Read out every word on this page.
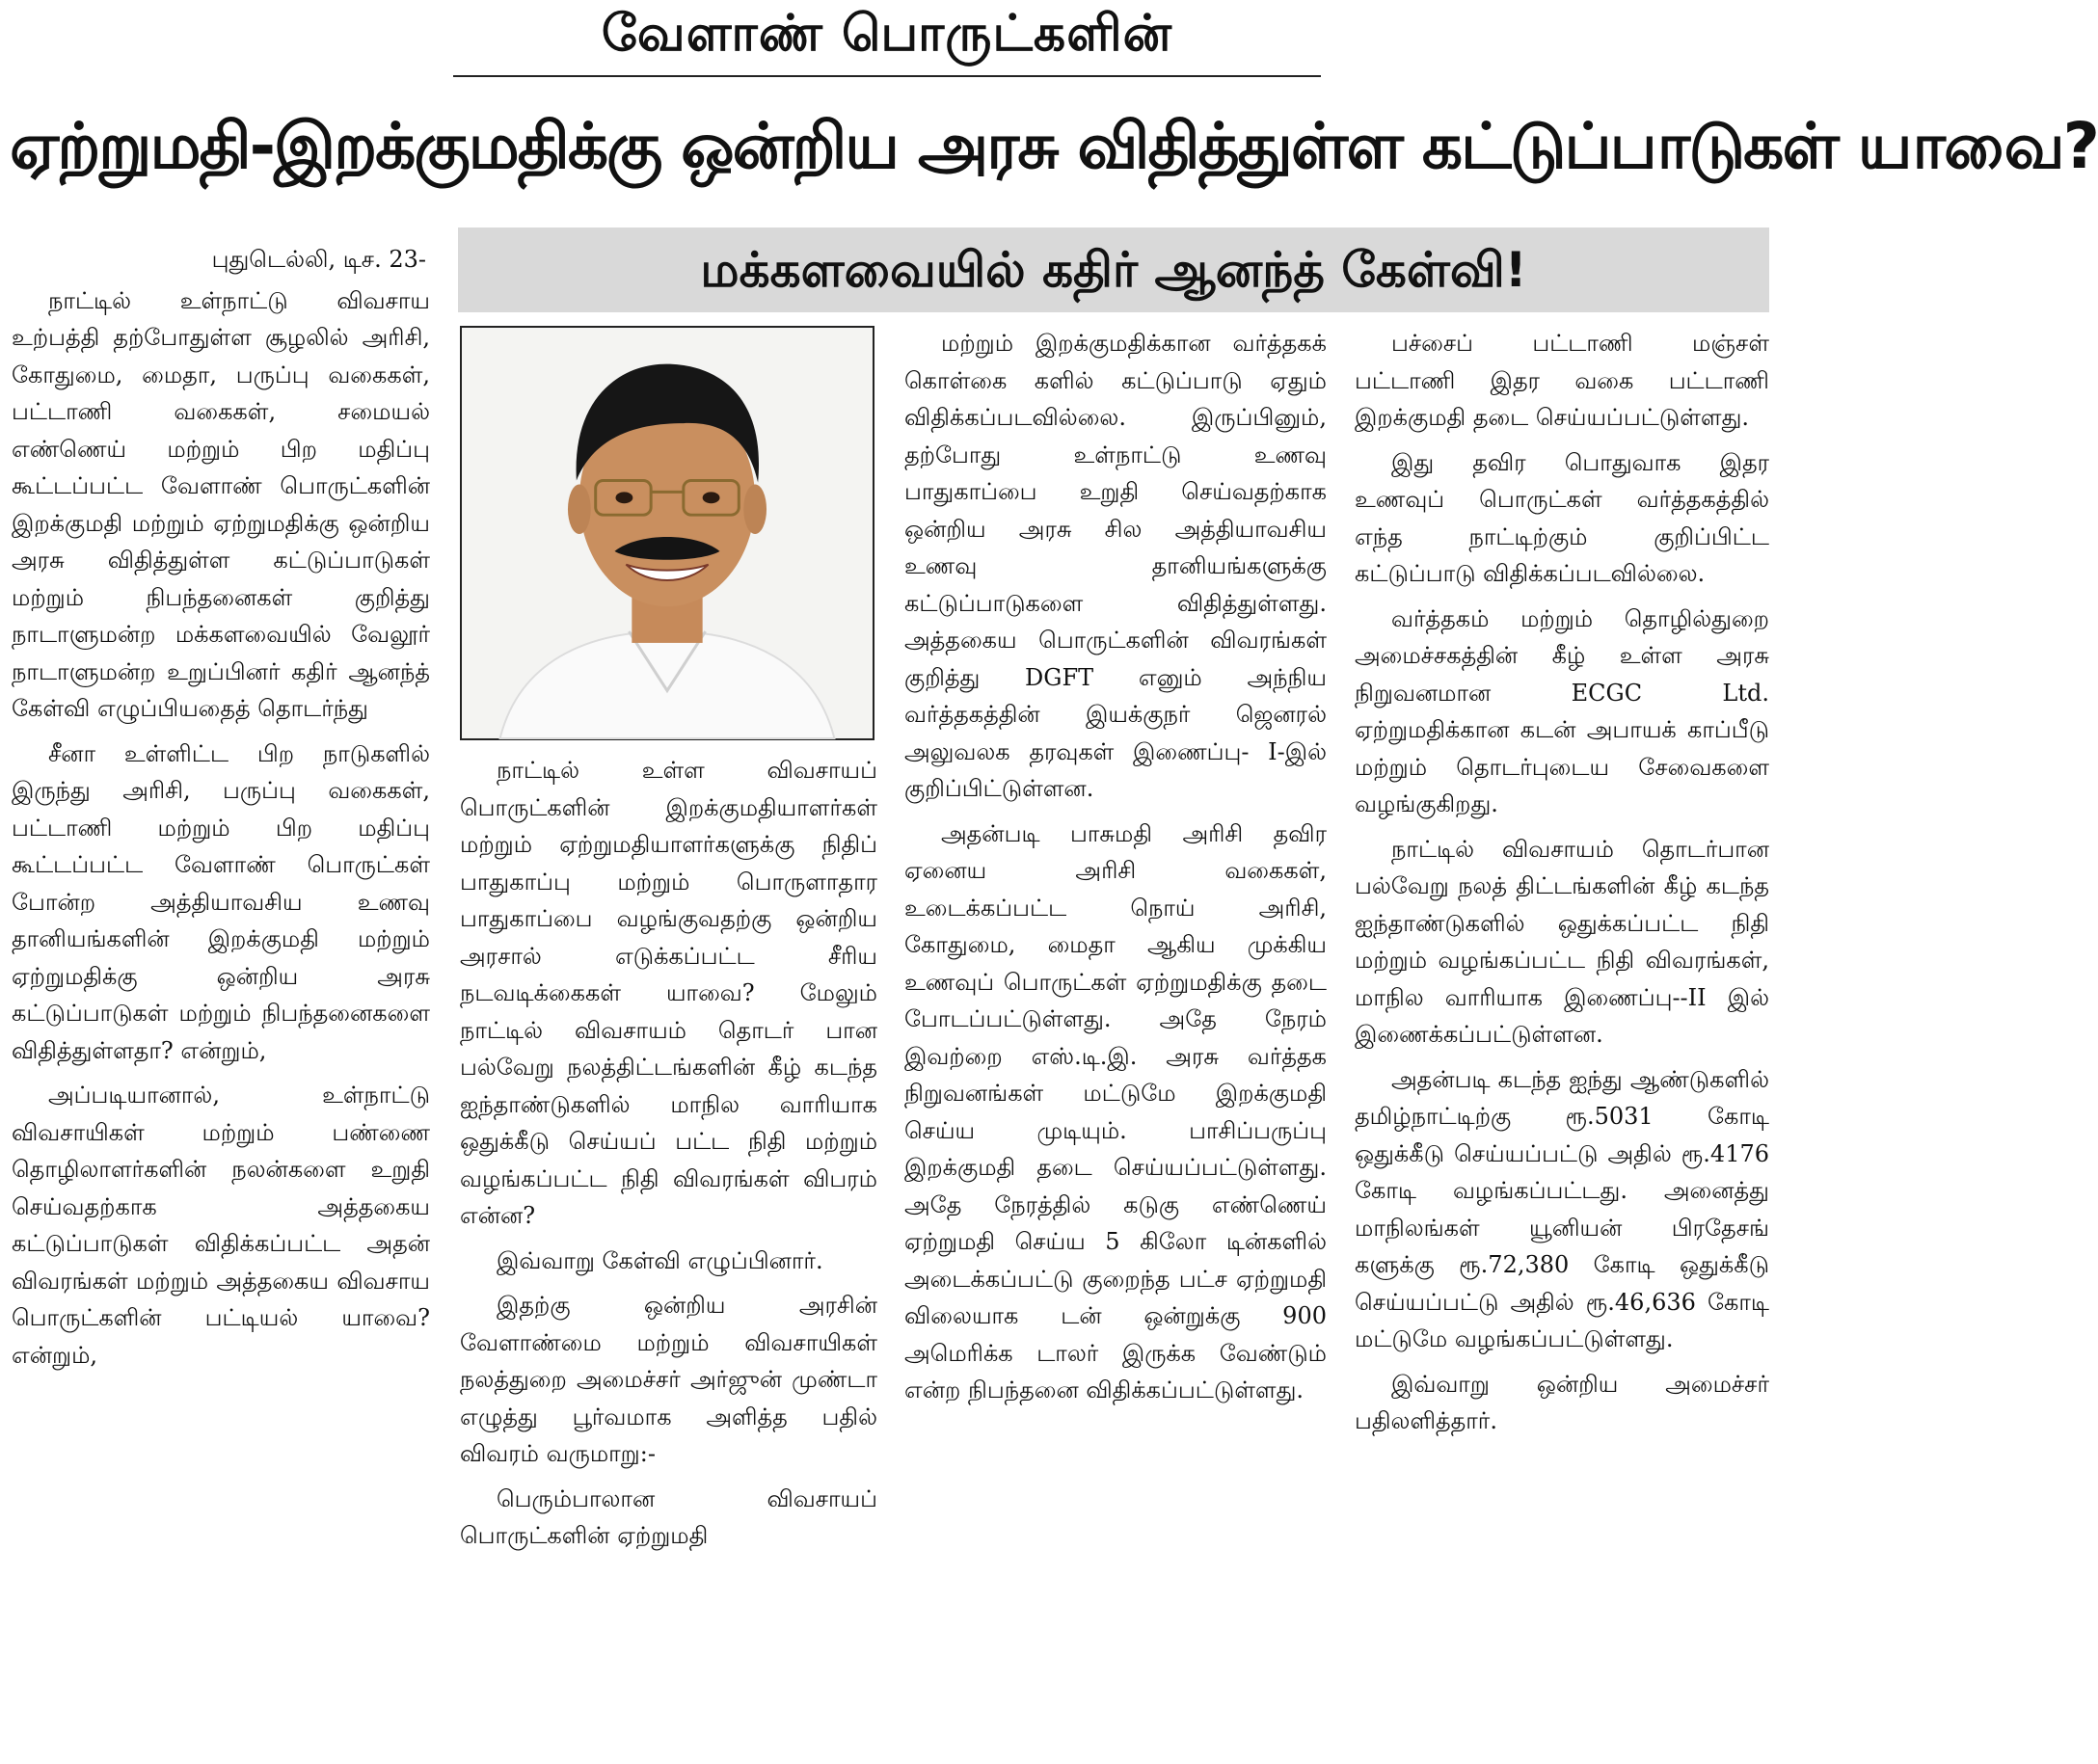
வேளாண் பொருட்களின்
ஏற்றுமதி-இறக்குமதிக்கு ஒன்றிய அரசு விதித்துள்ள கட்டுப்பாடுகள் யாவை?
மக்களவையில் கதிர் ஆனந்த் கேள்வி!
புதுடெல்லி, டிச. 23-

நாட்டில் உள்நாட்டு விவசாய உற்பத்தி தற்போதுள்ள சூழலில் அரிசி, கோதுமை, மைதா, பருப்பு வகைகள், பட்டாணி வகைகள், சமையல் எண்ணெய் மற்றும் பிற மதிப்பு கூட்டப்பட்ட வேளாண் பொருட்களின் இறக்குமதி மற்றும் ஏற்றுமதிக்கு ஒன்றிய அரசு விதித்துள்ள கட்டுப்பாடுகள் மற்றும் நிபந்தனைகள் குறித்து நாடாளுமன்ற மக்களவையில் வேலூர் நாடாளுமன்ற உறுப்பினர் கதிர் ஆனந்த் கேள்வி எழுப்பியதைத் தொடர்ந்து

சீனா உள்ளிட்ட பிற நாடுகளில் இருந்து அரிசி, பருப்பு வகைகள், பட்டாணி மற்றும் பிற மதிப்பு கூட்டப்பட்ட வேளாண் பொருட்கள் போன்ற அத்தியாவசிய உணவு தானியங்களின் இறக்குமதி மற்றும் ஏற்றுமதிக்கு ஒன்றிய அரசு கட்டுப்பாடுகள் மற்றும் நிபந்தனைகளை விதித்துள்ளதா? என்றும்,

அப்படியானால், உள்நாட்டு விவசாயிகள் மற்றும் பண்ணை தொழிலாளர்களின் நலன்களை உறுதி செய்வதற்காக அத்தகைய கட்டுப்பாடுகள் விதிக்கப்பட்ட அதன் விவரங்கள் மற்றும் அத்தகைய விவசாய பொருட்களின் பட்டியல் யாவை? என்றும்,

நாட்டில் உள்ள விவசாயப் பொருட்களின் இறக்குமதியாளர்கள் மற்றும் ஏற்றுமதியாளர்களுக்கு நிதிப் பாதுகாப்பு மற்றும் பொருளாதார பாதுகாப்பை வழங்குவதற்கு ஒன்றிய அரசால் எடுக்கப்பட்ட சீரிய நடவடிக்கைகள் யாவை? மேலும் நாட்டில் விவசாயம் தொடர் பான பல்வேறு நலத்திட்டங்களின் கீழ் கடந்த ஐந்தாண்டுகளில் மாநில வாரியாக ஒதுக்கீடு செய்யப் பட்ட நிதி மற்றும் வழங்கப்பட்ட நிதி விவரங்கள் விபரம் என்ன?

இவ்வாறு கேள்வி எழுப்பினார்.

இதற்கு ஒன்றிய அரசின் வேளாண்மை மற்றும் விவசாயிகள் நலத்துறை அமைச்சர் அர்ஜுன் முண்டா எழுத்து பூர்வமாக அளித்த பதில் விவரம் வருமாறு:-

பெரும்பாலான விவசாயப் பொருட்களின் ஏற்றுமதி

மற்றும் இறக்குமதிக்கான வர்த்தகக் கொள்கை களில் கட்டுப்பாடு ஏதும் விதிக்கப்படவில்லை. இருப்பினும், தற்போது உள்நாட்டு உணவு பாதுகாப்பை உறுதி செய்வதற்காக ஒன்றிய அரசு சில அத்தியாவசிய உணவு தானியங்களுக்கு கட்டுப்பாடுகளை விதித்துள்ளது. அத்தகைய பொருட்களின் விவரங்கள் குறித்து DGFT எனும் அந்நிய வர்த்தகத்தின் இயக்குநர் ஜெனரல் அலுவலக தரவுகள் இணைப்பு- I-இல் குறிப்பிட்டுள்ளன.

அதன்படி பாசுமதி அரிசி தவிர ஏனைய அரிசி வகைகள், உடைக்கப்பட்ட நொய் அரிசி, கோதுமை, மைதா ஆகிய முக்கிய உணவுப் பொருட்கள் ஏற்றுமதிக்கு தடை போடப்பட்டுள்ளது. அதே நேரம் இவற்றை எஸ்.டி.இ. அரசு வர்த்தக நிறுவனங்கள் மட்டுமே இறக்குமதி செய்ய முடியும். பாசிப்பருப்பு இறக்குமதி தடை செய்யப்பட்டுள்ளது. அதே நேரத்தில் கடுகு எண்ணெய் ஏற்றுமதி செய்ய 5 கிலோ டின்களில் அடைக்கப்பட்டு குறைந்த பட்ச ஏற்றுமதி விலையாக டன் ஒன்றுக்கு 900 அமெரிக்க டாலர் இருக்க வேண்டும் என்ற நிபந்தனை விதிக்கப்பட்டுள்ளது.

பச்சைப் பட்டாணி மஞ்சள் பட்டாணி இதர வகை பட்டாணி இறக்குமதி தடை செய்யப்பட்டுள்ளது.

இது தவிர பொதுவாக இதர உணவுப் பொருட்கள் வர்த்தகத்தில் எந்த நாட்டிற்கும் குறிப்பிட்ட கட்டுப்பாடு விதிக்கப்படவில்லை.

வர்த்தகம் மற்றும் தொழில்துறை அமைச்சகத்தின் கீழ் உள்ள அரசு நிறுவனமான ECGC Ltd. ஏற்றுமதிக்கான கடன் அபாயக் காப்பீடு மற்றும் தொடர்புடைய சேவைகளை வழங்குகிறது.

நாட்டில் விவசாயம் தொடர்பான பல்வேறு நலத் திட்டங்களின் கீழ் கடந்த ஐந்தாண்டுகளில் ஒதுக்கப்பட்ட நிதி மற்றும் வழங்கப்பட்ட நிதி விவரங்கள், மாநில வாரியாக இணைப்பு--II இல் இணைக்கப்பட்டுள்ளன.

அதன்படி கடந்த ஐந்து ஆண்டுகளில் தமிழ்நாட்டிற்கு ரூ.5031 கோடி ஒதுக்கீடு செய்யப்பட்டு அதில் ரூ.4176 கோடி வழங்கப்பட்டது. அனைத்து மாநிலங்கள் யூனியன் பிரதேசங் களுக்கு ரூ.72,380 கோடி ஒதுக்கீடு செய்யப்பட்டு அதில் ரூ.46,636 கோடி மட்டுமே வழங்கப்பட்டுள்ளது.

இவ்வாறு ஒன்றிய அமைச்சர் பதிலளித்தார்.
